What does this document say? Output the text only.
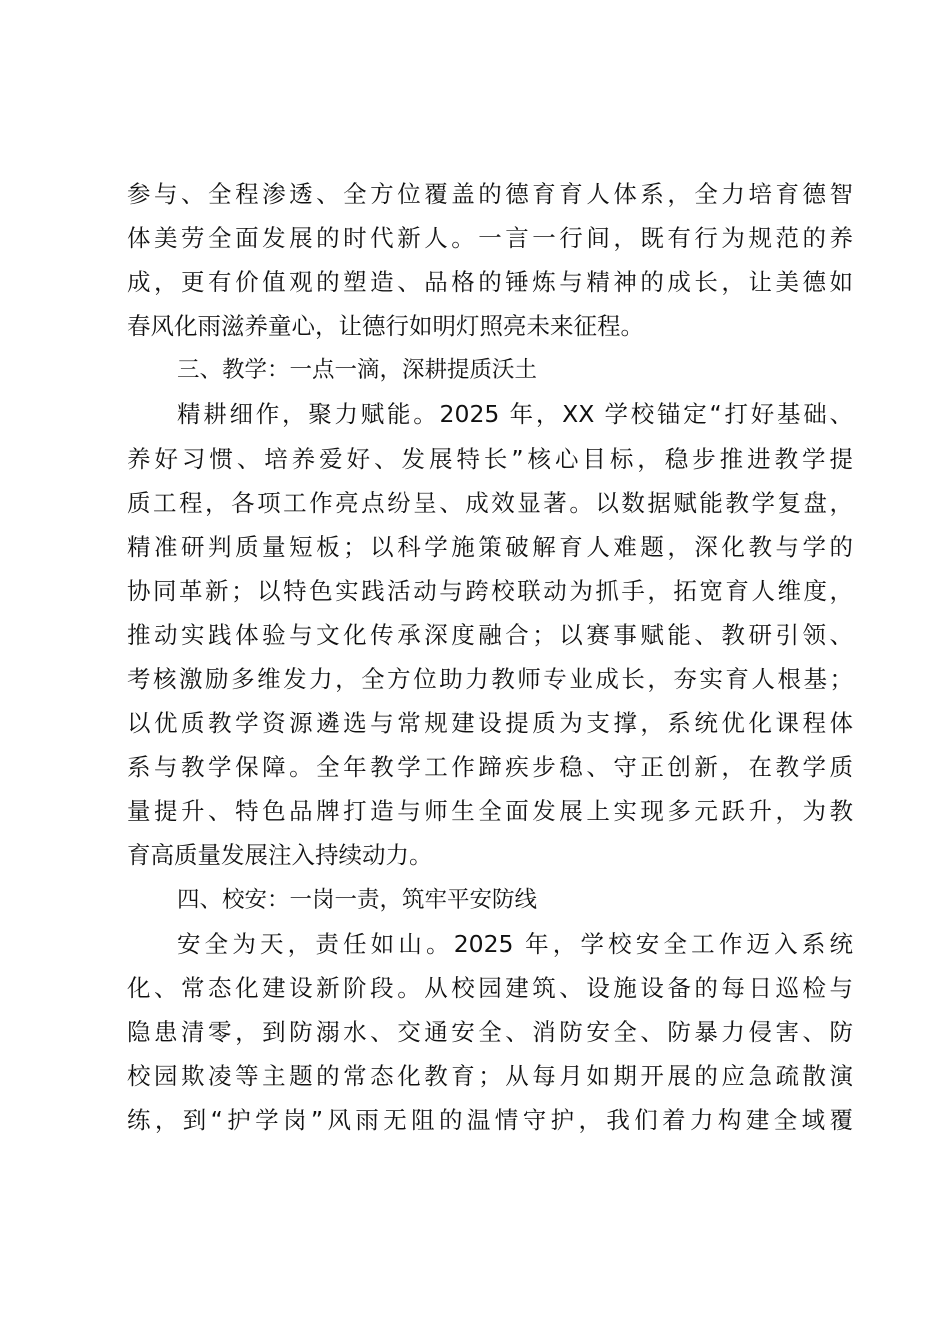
参与、全程渗透、全方位覆盖的德育育人体系，全力培育德智
体美劳全面发展的时代新人。一言一行间，既有行为规范的养
成，更有价值观的塑造、品格的锤炼与精神的成长，让美德如
春风化雨滋养童心，让德行如明灯照亮未来征程。
三、教学：一点一滴，深耕提质沃土
精耕细作，聚力赋能。2025 年，XX 学校锚定“打好基础、
养好习惯、培养爱好、发展特长”核心目标，稳步推进教学提
质工程，各项工作亮点纷呈、成效显著。以数据赋能教学复盘，
精准研判质量短板；以科学施策破解育人难题，深化教与学的
协同革新；以特色实践活动与跨校联动为抓手，拓宽育人维度，
推动实践体验与文化传承深度融合；以赛事赋能、教研引领、
考核激励多维发力，全方位助力教师专业成长，夯实育人根基；
以优质教学资源遴选与常规建设提质为支撑，系统优化课程体
系与教学保障。全年教学工作蹄疾步稳、守正创新，在教学质
量提升、特色品牌打造与师生全面发展上实现多元跃升，为教
育高质量发展注入持续动力。
四、校安：一岗一责，筑牢平安防线
安全为天，责任如山。2025 年，学校安全工作迈入系统
化、常态化建设新阶段。从校园建筑、设施设备的每日巡检与
隐患清零，到防溺水、交通安全、消防安全、防暴力侵害、防
校园欺凌等主题的常态化教育；从每月如期开展的应急疏散演
练，到“护学岗”风雨无阻的温情守护，我们着力构建全域覆
